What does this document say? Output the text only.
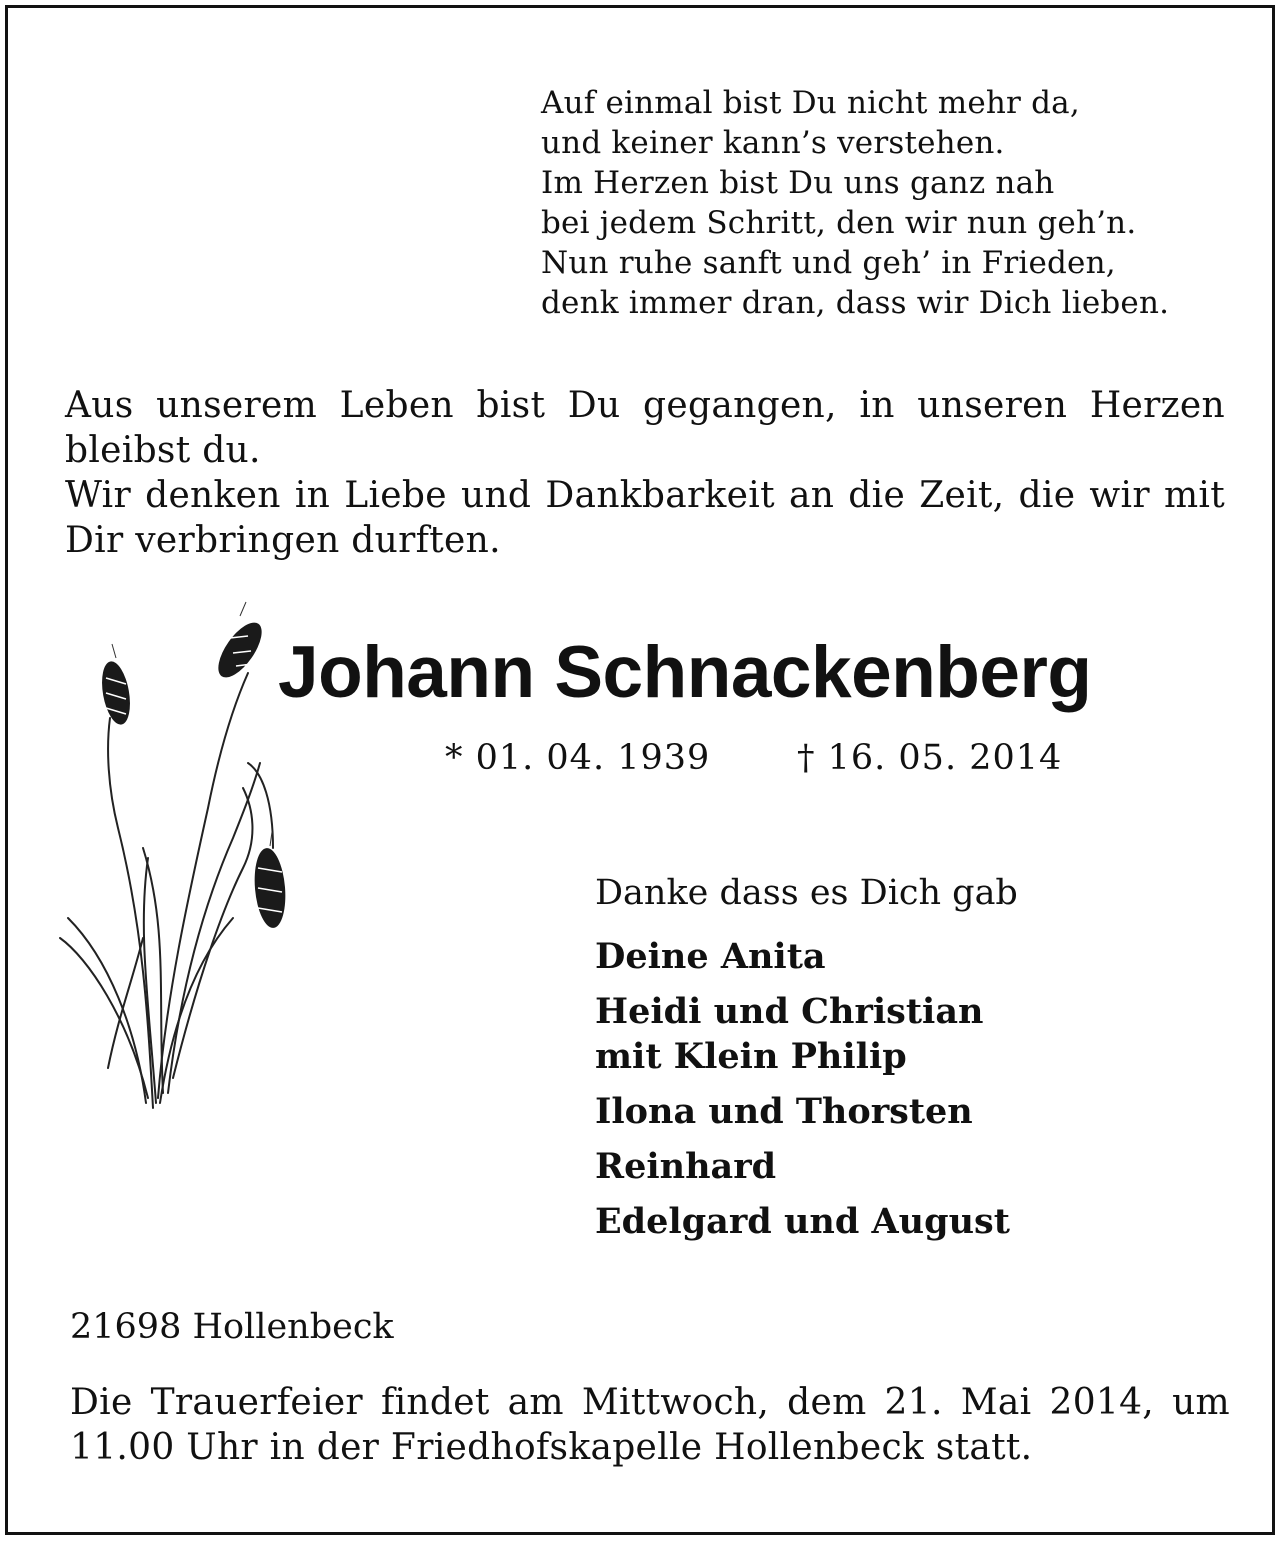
Auf einmal bist Du nicht mehr da,
und keiner kann’s verstehen.
Im Herzen bist Du uns ganz nah
bei jedem Schritt, den wir nun geh’n.
Nun ruhe sanft und geh’ in Frieden,
denk immer dran, dass wir Dich lieben.
Aus unserem Leben bist Du gegangen, in unseren Herzen bleibst du.
Wir denken in Liebe und Dankbarkeit an die Zeit, die wir mit Dir verbringen durften.
Johann Schnackenberg
* 01. 04. 1939 † 16. 05. 2014
Danke dass es Dich gab
Deine Anita
Heidi und Christian
mit Klein Philip
Ilona und Thorsten
Reinhard
Edelgard und August
21698 Hollenbeck
Die Trauerfeier findet am Mittwoch, dem 21. Mai 2014, um 11.00 Uhr in der Friedhofskapelle Hollenbeck statt.
